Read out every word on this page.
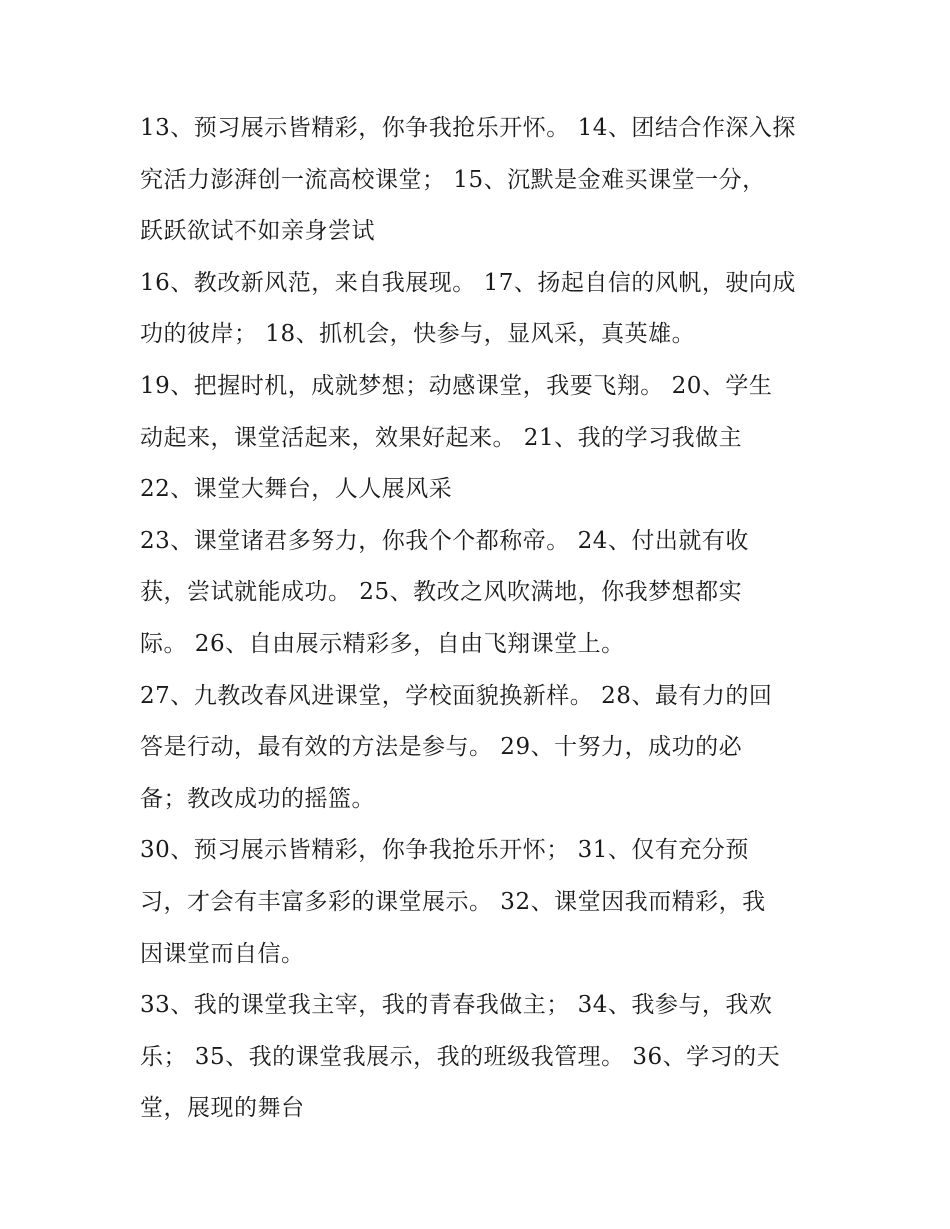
13、预习展示皆精彩，你争我抢乐开怀。 14、团结合作深入探
究活力澎湃创一流高校课堂； 15、沉默是金难买课堂一分，
跃跃欲试不如亲身尝试
16、教改新风范，来自我展现。 17、扬起自信的风帆，驶向成
功的彼岸； 18、抓机会，快参与，显风采，真英雄。
19、把握时机，成就梦想；动感课堂，我要飞翔。 20、学生
动起来，课堂活起来，效果好起来。 21、我的学习我做主
22、课堂大舞台，人人展风采
23、课堂诸君多努力，你我个个都称帝。 24、付出就有收
获，尝试就能成功。 25、教改之风吹满地，你我梦想都实
际。 26、自由展示精彩多，自由飞翔课堂上。
27、九教改春风进课堂，学校面貌换新样。 28、最有力的回
答是行动，最有效的方法是参与。 29、十努力，成功的必
备；教改成功的摇篮。
30、预习展示皆精彩，你争我抢乐开怀； 31、仅有充分预
习，才会有丰富多彩的课堂展示。 32、课堂因我而精彩，我
因课堂而自信。
33、我的课堂我主宰，我的青春我做主； 34、我参与，我欢
乐； 35、我的课堂我展示，我的班级我管理。 36、学习的天
堂，展现的舞台
